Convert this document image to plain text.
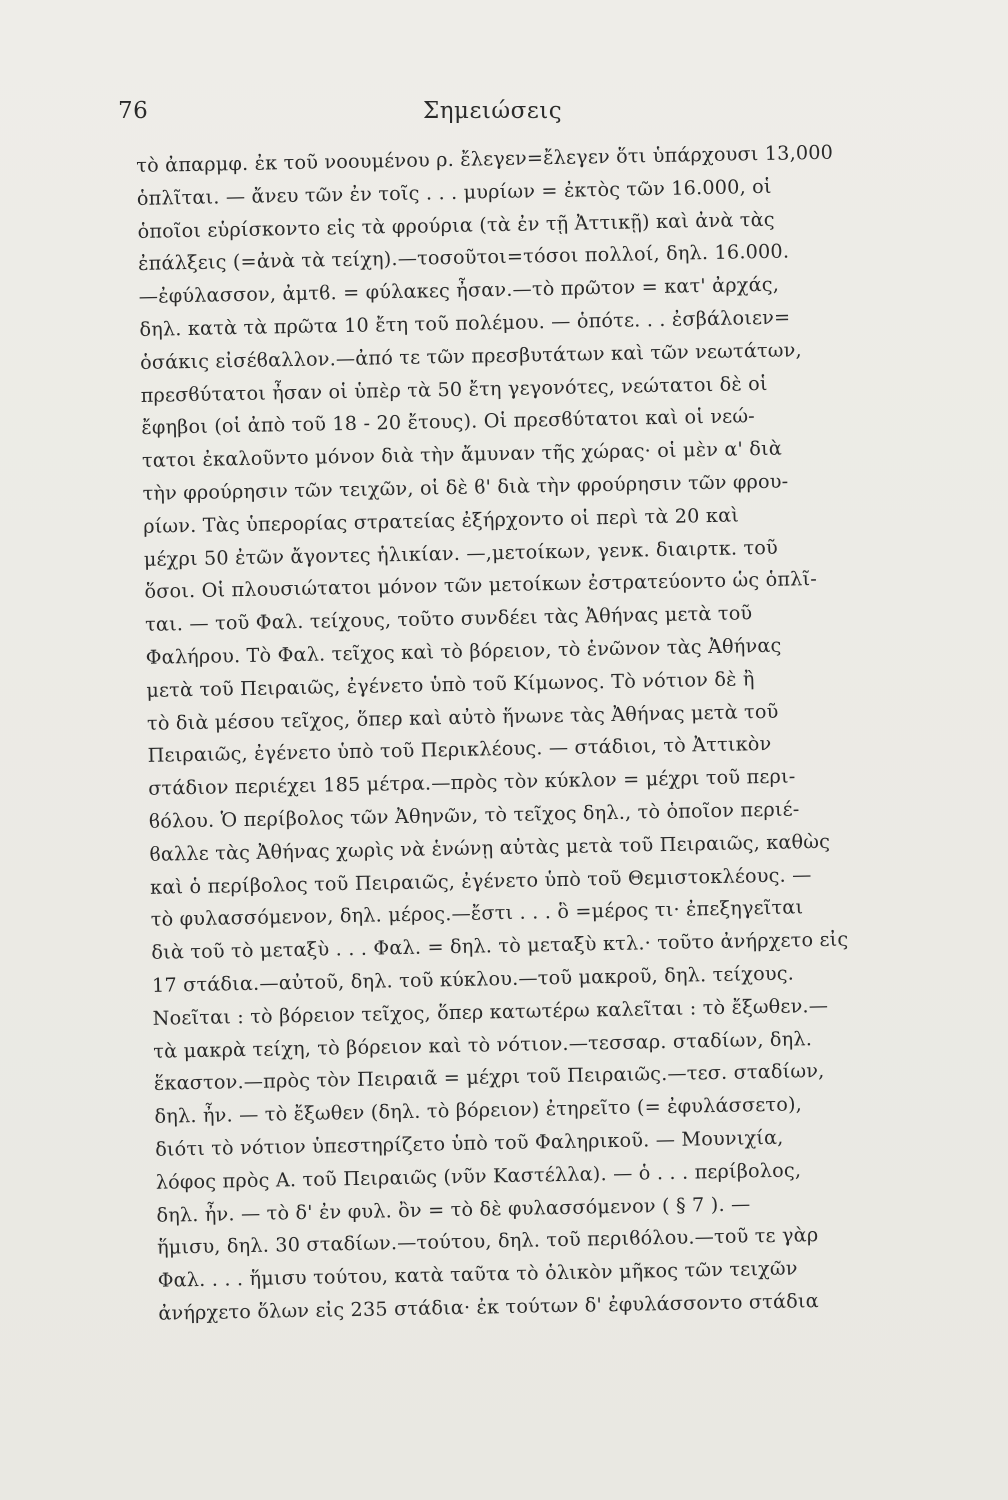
76	Σημειώσεις
τὸ ἀπαρμφ. ἐκ τοῦ νοουμένου ρ. ἔλεγεν=ἔλεγεν ὅτι ὑπάρχουσι 13,000
ὁπλῖται. — ἄνευ τῶν ἐν τοῖς . . . μυρίων = ἐκτὸς τῶν 16.000, οἱ
ὁποῖοι εὑρίσκοντο εἰς τὰ φρούρια (τὰ ἐν τῇ Ἀττικῇ) καὶ ἀνὰ τὰς
ἐπάλξεις (=ἀνὰ τὰ τείχη).—τοσοῦτοι=τόσοι πολλοί, δηλ. 16.000.
—ἐφύλασσον, ἀμτϐ. = φύλακες ἦσαν.—τὸ πρῶτον = κατ' ἀρχάς,
δηλ. κατὰ τὰ πρῶτα 10 ἔτη τοῦ πολέμου. — ὁπότε. . . ἐσβάλοιεν=
ὁσάκις εἰσέϐαλλον.—ἀπό τε τῶν πρεσβυτάτων καὶ τῶν νεωτάτων,
πρεσϐύτατοι ἦσαν οἱ ὑπὲρ τὰ 50 ἔτη γεγονότες, νεώτατοι δὲ οἱ
ἔφηβοι (οἱ ἀπὸ τοῦ 18 - 20 ἔτους). Οἱ πρεσϐύτατοι καὶ οἱ νεώ-
τατοι ἐκαλοῦντο μόνον διὰ τὴν ἄμυναν τῆς χώρας· οἱ μὲν α' διὰ
τὴν φρούρησιν τῶν τειχῶν, οἱ δὲ ϐ' διὰ τὴν φρούρησιν τῶν φρου-
ρίων. Τὰς ὑπερορίας στρατείας ἐξήρχοντο οἱ περὶ τὰ 20 καὶ
μέχρι 50 ἐτῶν ἄγοντες ἡλικίαν. —,μετοίκων, γενκ. διαιρτκ. τοῦ
ὅσοι. Οἱ πλουσιώτατοι μόνον τῶν μετοίκων ἐστρατεύοντο ὡς ὁπλῖ-
ται. — τοῦ Φαλ. τείχους, τοῦτο συνδέει τὰς Ἀθήνας μετὰ τοῦ
Φαλήρου. Τὸ Φαλ. τεῖχος καὶ τὸ βόρειον, τὸ ἑνῶνον τὰς Ἀθήνας
μετὰ τοῦ Πειραιῶς, ἐγένετο ὑπὸ τοῦ Κίμωνος. Τὸ νότιον δὲ ἢ
τὸ διὰ μέσου τεῖχος, ὅπερ καὶ αὐτὸ ἥνωνε τὰς Ἀθήνας μετὰ τοῦ
Πειραιῶς, ἐγένετο ὑπὸ τοῦ Περικλέους. — στάδιοι, τὸ Ἀττικὸν
στάδιον περιέχει 185 μέτρα.—πρὸς τὸν κύκλον = μέχρι τοῦ περι-
ϐόλου. Ὁ περίβολος τῶν Ἀθηνῶν, τὸ τεῖχος δηλ., τὸ ὁποῖον περιέ-
ϐαλλε τὰς Ἀθήνας χωρὶς νὰ ἑνώνῃ αὐτὰς μετὰ τοῦ Πειραιῶς, καθὼς
καὶ ὁ περίβολος τοῦ Πειραιῶς, ἐγένετο ὑπὸ τοῦ Θεμιστοκλέους. —
τὸ φυλασσόμενον, δηλ. μέρος.—ἔστι . . . ὃ =μέρος τι· ἐπεξηγεῖται
διὰ τοῦ τὸ μεταξὺ . . . Φαλ. = δηλ. τὸ μεταξὺ κτλ.· τοῦτο ἀνήρχετο εἰς
17 στάδια.—αὐτοῦ, δηλ. τοῦ κύκλου.—τοῦ μακροῦ, δηλ. τείχους.
Νοεῖται : τὸ βόρειον τεῖχος, ὅπερ κατωτέρω καλεῖται : τὸ ἔξωθεν.—
τὰ μακρὰ τείχη, τὸ βόρειον καὶ τὸ νότιον.—τεσσαρ. σταδίων, δηλ.
ἕκαστον.—πρὸς τὸν Πειραιᾶ = μέχρι τοῦ Πειραιῶς.—τεσ. σταδίων,
δηλ. ἦν. — τὸ ἔξωθεν (δηλ. τὸ βόρειον) ἐτηρεῖτο (= ἐφυλάσσετο),
διότι τὸ νότιον ὑπεστηρίζετο ὑπὸ τοῦ Φαληρικοῦ. — Μουνιχία,
λόφος πρὸς Α. τοῦ Πειραιῶς (νῦν Καστέλλα). — ὁ . . . περίβολος,
δηλ. ἦν. — τὸ δ' ἐν φυλ. ὂν = τὸ δὲ φυλασσόμενον ( § 7 ). —
ἥμισυ, δηλ. 30 σταδίων.—τούτου, δηλ. τοῦ περιϐόλου.—τοῦ τε γὰρ
Φαλ. . . . ἥμισυ τούτου, κατὰ ταῦτα τὸ ὁλικὸν μῆκος τῶν τειχῶν
ἀνήρχετο ὅλων εἰς 235 στάδια· ἐκ τούτων δ' ἐφυλάσσοντο στάδια
